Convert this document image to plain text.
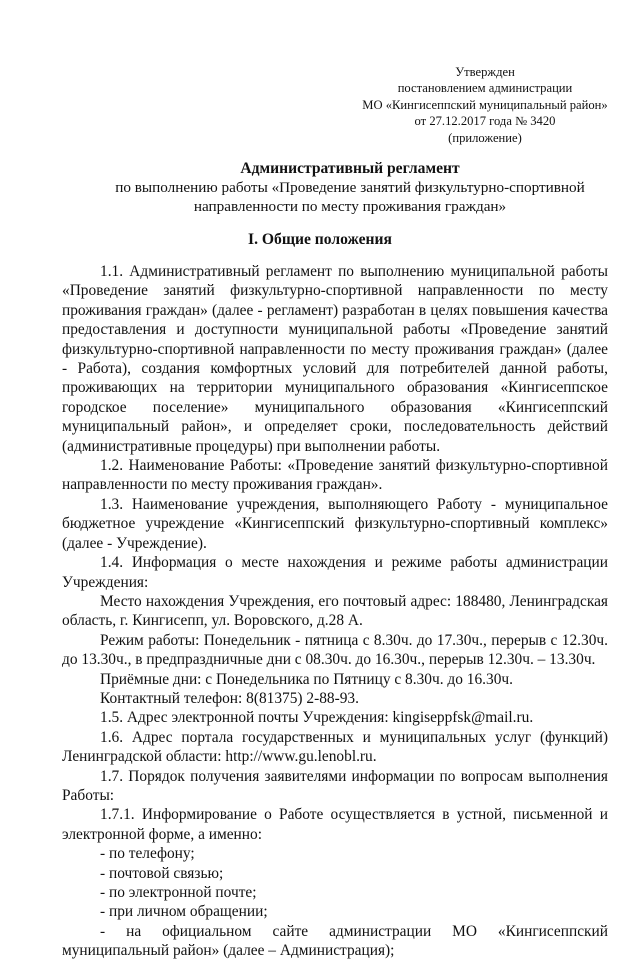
Утвержден
постановлением администрации
МО «Кингисеппский муниципальный район»
от 27.12.2017 года № 3420
(приложение)
Административный регламент
по выполнению работы «Проведение занятий физкультурно-спортивной направленности по месту проживания граждан»
I. Общие положения

1.1. Административный регламент по выполнению муниципальной работы «Проведение занятий физкультурно-спортивной направленности по месту проживания граждан» (далее - регламент) разработан в целях повышения качества предоставления и доступности муниципальной работы «Проведение занятий физкультурно-спортивной направленности по месту проживания граждан» (далее - Работа), создания комфортных условий для потребителей данной работы, проживающих на территории муниципального образования «Кингисеппское городское поселение» муниципального образования «Кингисеппский муниципальный район», и определяет сроки, последовательность действий (административные процедуры) при выполнении работы.

1.2. Наименование Работы: «Проведение занятий физкультурно-спортивной направленности по месту проживания граждан».

1.3. Наименование учреждения, выполняющего Работу - муниципальное бюджетное учреждение «Кингисеппский физкультурно-спортивный комплекс» (далее - Учреждение).

1.4. Информация о месте нахождения и режиме работы администрации Учреждения:

Место нахождения Учреждения, его почтовый адрес: 188480, Ленинградская область, г. Кингисепп, ул. Воровского, д.28 А.

Режим работы: Понедельник - пятница с 8.30ч. до 17.30ч., перерыв с 12.30ч. до 13.30ч., в предпраздничные дни с 08.30ч. до 16.30ч., перерыв 12.30ч. – 13.30ч.

Приёмные дни: с Понедельника по Пятницу с 8.30ч. до 16.30ч.

Контактный телефон: 8(81375) 2-88-93.

1.5. Адрес электронной почты Учреждения: kingiseppfsk@mail.ru.

1.6. Адрес портала государственных и муниципальных услуг (функций) Ленинградской области: http://www.gu.lenobl.ru.

1.7. Порядок получения заявителями информации по вопросам выполнения Работы:

1.7.1. Информирование о Работе осуществляется в устной, письменной и электронной форме, а именно:

- по телефону;

- почтовой связью;

- по электронной почте;

- при личном обращении;

- на официальном сайте администрации МО «Кингисеппский муниципальный район» (далее – Администрация);
